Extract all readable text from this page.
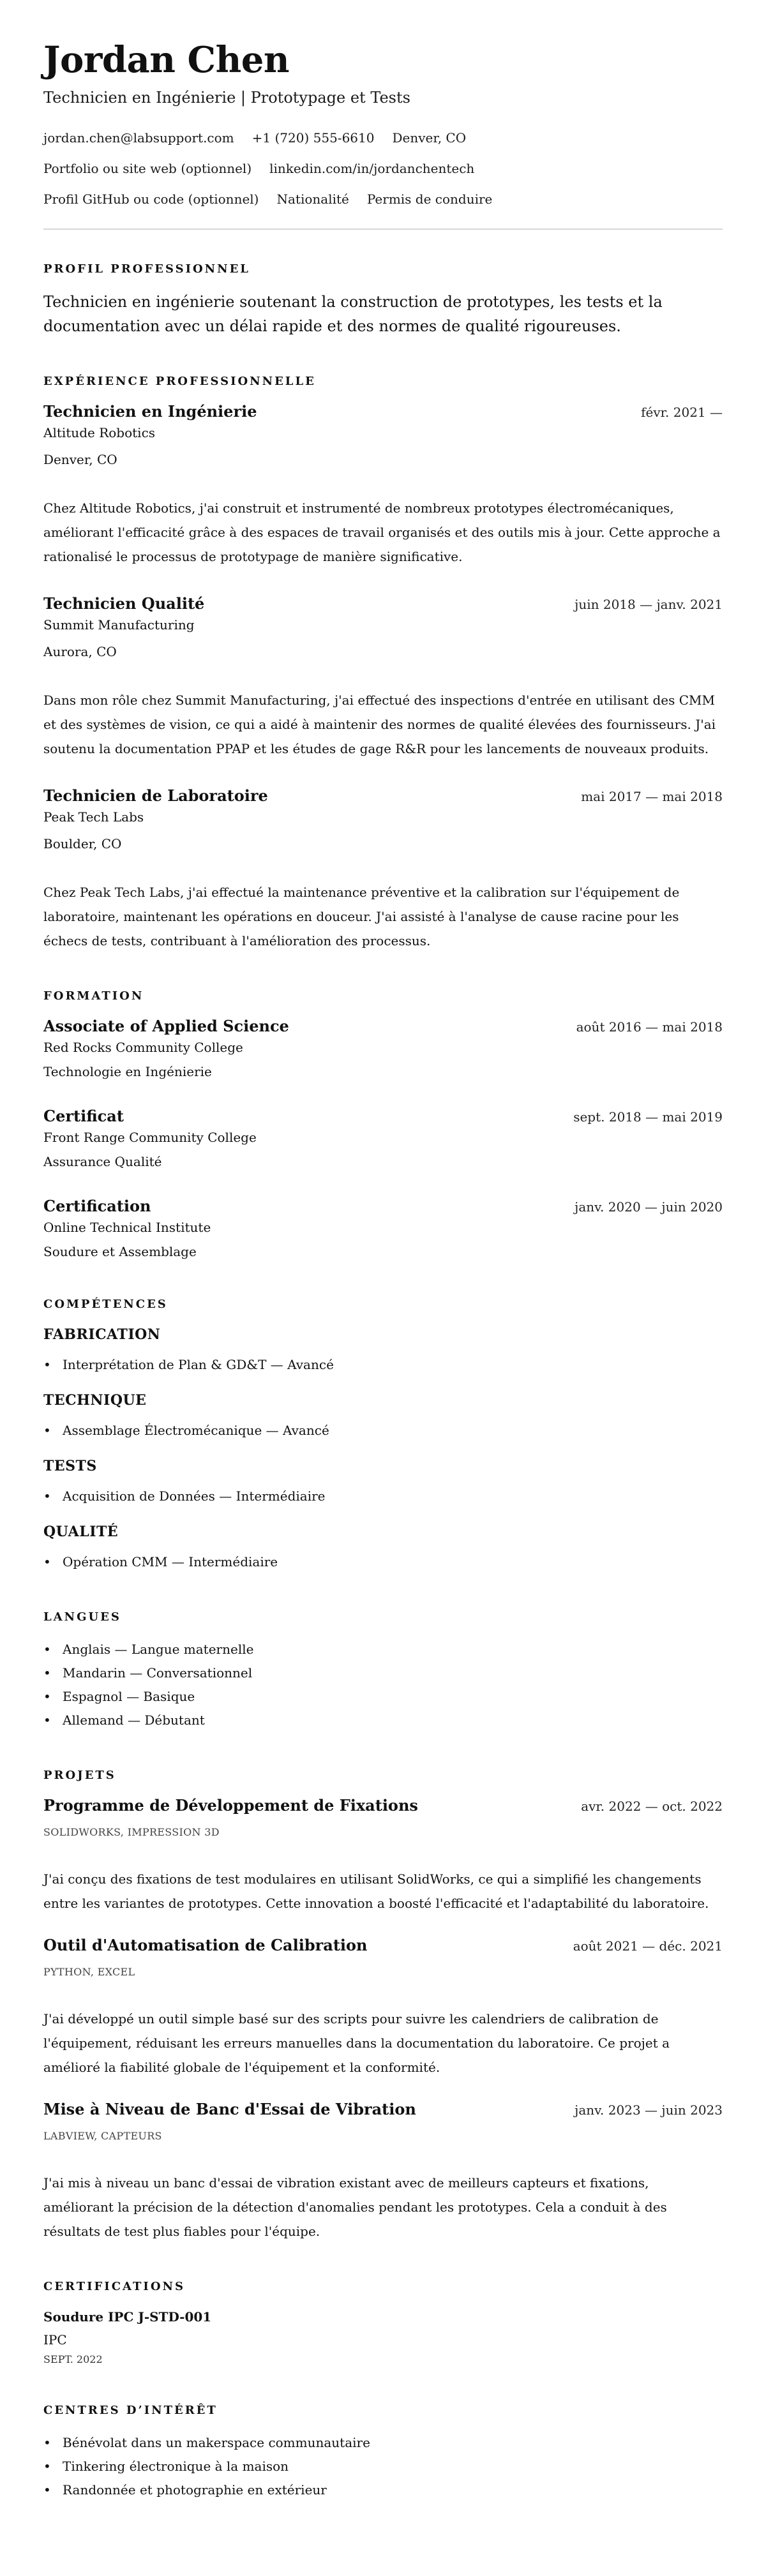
Jordan Chen
Technicien en Ingénierie | Prototypage et Tests
jordan.chen@labsupport.com +1 (720) 555-6610 Denver, CO
Portfolio ou site web (optionnel) linkedin.com/in/jordanchentech
Profil GitHub ou code (optionnel) Nationalité Permis de conduire
PROFIL PROFESSIONNEL

Technicien en ingénierie soutenant la construction de prototypes, les tests et la documentation avec un délai rapide et des normes de qualité rigoureuses.

EXPÉRIENCE PROFESSIONNELLE
Technicien en Ingénierie	févr. 2021 —
Altitude Robotics
Denver, CO

Chez Altitude Robotics, j'ai construit et instrumenté de nombreux prototypes électromécaniques, améliorant l'efficacité grâce à des espaces de travail organisés et des outils mis à jour. Cette approche a rationalisé le processus de prototypage de manière significative.

Technicien Qualité	juin 2018 — janv. 2021
Summit Manufacturing
Aurora, CO

Dans mon rôle chez Summit Manufacturing, j'ai effectué des inspections d'entrée en utilisant des CMM et des systèmes de vision, ce qui a aidé à maintenir des normes de qualité élevées des fournisseurs. J'ai soutenu la documentation PPAP et les études de gage R&R pour les lancements de nouveaux produits.

Technicien de Laboratoire	mai 2017 — mai 2018
Peak Tech Labs
Boulder, CO

Chez Peak Tech Labs, j'ai effectué la maintenance préventive et la calibration sur l'équipement de laboratoire, maintenant les opérations en douceur. J'ai assisté à l'analyse de cause racine pour les échecs de tests, contribuant à l'amélioration des processus.

FORMATION
Associate of Applied Science	août 2016 — mai 2018
Red Rocks Community College
Technologie en Ingénierie
Certificat	sept. 2018 — mai 2019
Front Range Community College
Assurance Qualité
Certification	janv. 2020 — juin 2020
Online Technical Institute
Soudure et Assemblage
COMPÉTENCES
FABRICATION
• Interprétation de Plan & GD&T — Avancé
TECHNIQUE
• Assemblage Électromécanique — Avancé
TESTS
• Acquisition de Données — Intermédiaire
QUALITÉ
• Opération CMM — Intermédiaire
LANGUES
• Anglais — Langue maternelle
• Mandarin — Conversationnel
• Espagnol — Basique
• Allemand — Débutant
PROJETS
Programme de Développement de Fixations	avr. 2022 — oct. 2022
SOLIDWORKS, IMPRESSION 3D

J'ai conçu des fixations de test modulaires en utilisant SolidWorks, ce qui a simplifié les changements entre les variantes de prototypes. Cette innovation a boosté l'efficacité et l'adaptabilité du laboratoire.

Outil d'Automatisation de Calibration	août 2021 — déc. 2021
PYTHON, EXCEL

J'ai développé un outil simple basé sur des scripts pour suivre les calendriers de calibration de l'équipement, réduisant les erreurs manuelles dans la documentation du laboratoire. Ce projet a amélioré la fiabilité globale de l'équipement et la conformité.

Mise à Niveau de Banc d'Essai de Vibration	janv. 2023 — juin 2023
LABVIEW, CAPTEURS

J'ai mis à niveau un banc d'essai de vibration existant avec de meilleurs capteurs et fixations, améliorant la précision de la détection d'anomalies pendant les prototypes. Cela a conduit à des résultats de test plus fiables pour l'équipe.

CERTIFICATIONS
Soudure IPC J-STD-001
IPC
SEPT. 2022
CENTRES D’INTÉRÊT
• Bénévolat dans un makerspace communautaire
• Tinkering électronique à la maison
• Randonnée et photographie en extérieur
